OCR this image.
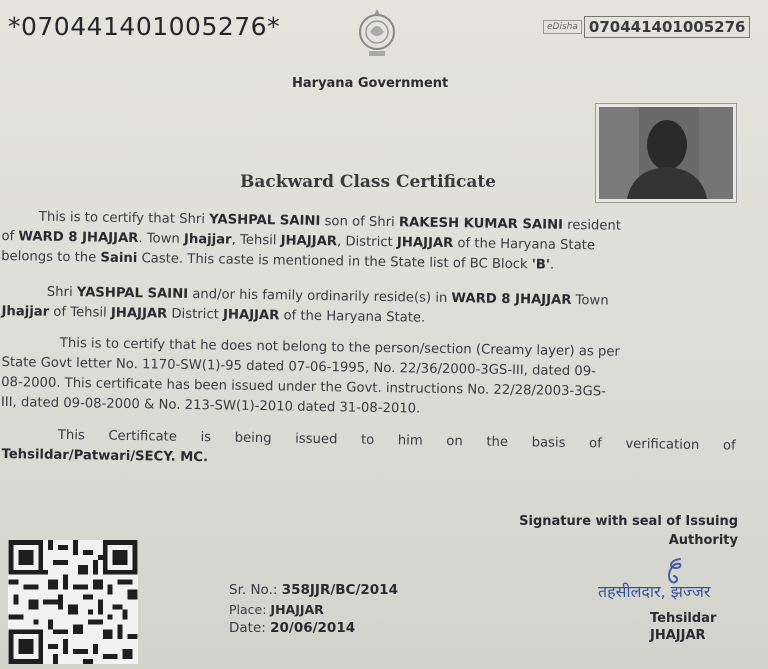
*070441401005276*	eDisha 070441401005276
Haryana Government
Backward Class Certificate
This is to certify that Shri YASHPAL SAINI son of Shri RAKESH KUMAR SAINI resident
of WARD 8 JHAJJAR. Town Jhajjar, Tehsil JHAJJAR, District JHAJJAR of the Haryana State
belongs to the Saini Caste. This caste is mentioned in the State list of BC Block 'B'.
Shri YASHPAL SAINI and/or his family ordinarily reside(s) in WARD 8 JHAJJAR Town
Jhajjar of Tehsil JHAJJAR District JHAJJAR of the Haryana State.
This is to certify that he does not belong to the person/section (Creamy layer) as per
State Govt letter No. 1170-SW(1)-95 dated 07-06-1995, No. 22/36/2000-3GS-III, dated 09-
08-2000. This certificate has been issued under the Govt. instructions No. 22/28/2003-3GS-
III, dated 09-08-2000 & No. 213-SW(1)-2010 dated 31-08-2010.
This Certificate is being issued to him on the basis of verification of
Tehsildar/Patwari/SECY. MC.
Signature with seal of Issuing
Authority
Sr. No.: 358JJR/BC/2014
Place: JHAJJAR
Date: 20/06/2014
तहसीलदार, झज्जर
Tehsildar
JHAJJAR
